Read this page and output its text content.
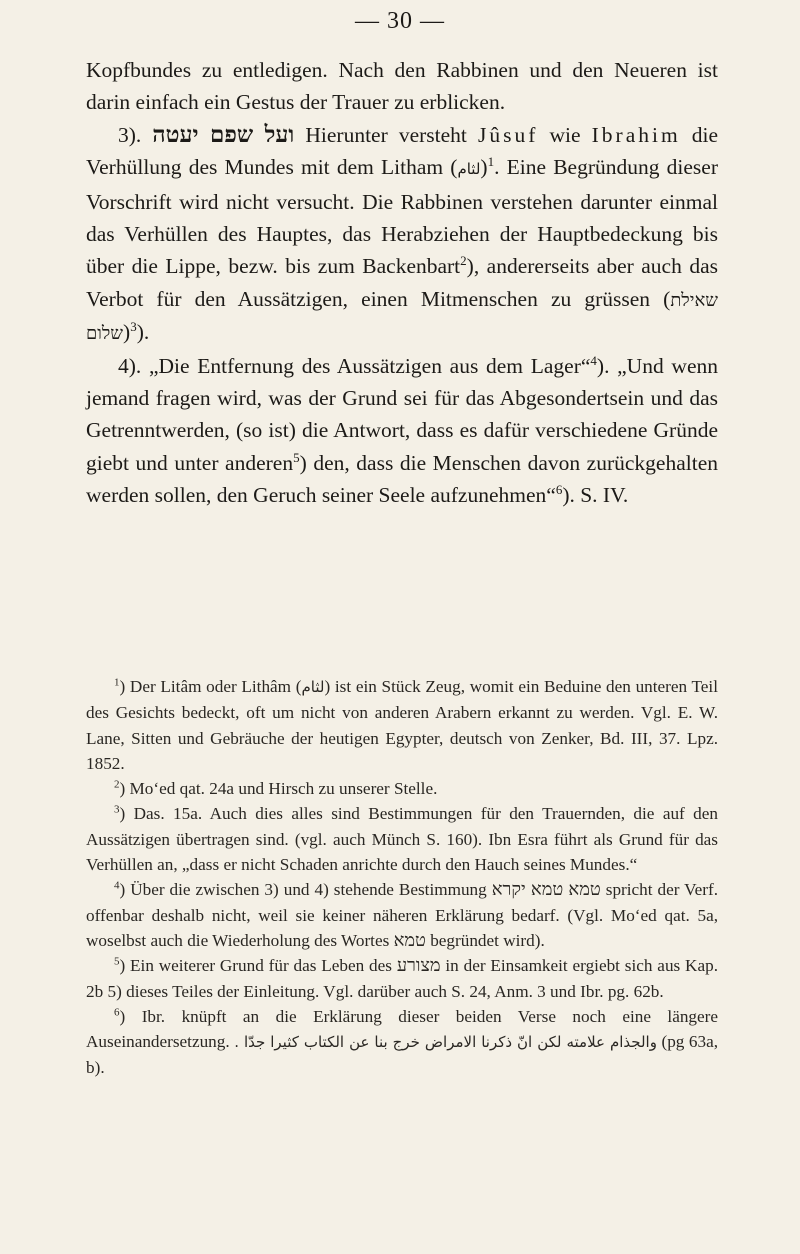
— 30 —

Kopfbundes zu entledigen. Nach den Rabbinen und den Neueren ist darin einfach ein Gestus der Trauer zu erblicken.

3). ועל שפם יעטה Hierunter versteht Jûsuf wie Ibrahim die Verhüllung des Mundes mit dem Litham (لثام)$^1$. Eine Begründung dieser Vorschrift wird nicht versucht. Die Rabbinen verstehen darunter einmal das Verhüllen des Hauptes, das Herabziehen der Hauptbedeckung bis über die Lippe, bezw. bis zum Backenbart$^2$), andererseits aber auch das Verbot für den Aussätzigen, einen Mitmenschen zu grüssen (שאילת שלום)$^3$).

4). „Die Entfernung des Aussätzigen aus dem Lager“$^4$). „Und wenn jemand fragen wird, was der Grund sei für das Abgesondertsein und das Getrenntwerden, (so ist) die Antwort, dass es dafür verschiedene Gründe giebt und unter anderen$^5$) den, dass die Menschen davon zurückgehalten werden sollen, den Geruch seiner Seele aufzunehmen“$^6$). S. IV.

$^1$) Der Litâm oder Lithâm (لثام) ist ein Stück Zeug, womit ein Beduine den unteren Teil des Gesichts bedeckt, oft um nicht von anderen Arabern erkannt zu werden. Vgl. E. W. Lane, Sitten und Gebräuche der heutigen Egypter, deutsch von Zenker, Bd. III, 37. Lpz. 1852.

$^2$) Mo‘ed qat. 24a und Hirsch zu unserer Stelle.

$^3$) Das. 15a. Auch dies alles sind Bestimmungen für den Trauernden, die auf den Aussätzigen übertragen sind. (vgl. auch Münch S. 160). Ibn Esra führt als Grund für das Verhüllen an, „dass er nicht Schaden anrichte durch den Hauch seines Mundes.“

$^4$) Über die zwischen 3) und 4) stehende Bestimmung טמא טמא יקרא spricht der Verf. offenbar deshalb nicht, weil sie keiner näheren Erklärung bedarf. (Vgl. Mo‘ed qat. 5a, woselbst auch die Wiederholung des Wortes טמא begründet wird).

$^5$) Ein weiterer Grund für das Leben des מצורע in der Einsamkeit ergiebt sich aus Kap. 2b 5) dieses Teiles der Einleitung. Vgl. darüber auch S. 24, Anm. 3 und Ibr. pg. 62b.

$^6$) Ibr. knüpft an die Erklärung dieser beiden Verse noch eine längere Auseinandersetzung. والجذام علامته لكن انّ ذكرنا الامراض خرج بنا عن الكتاب كثيرا جدّا . (pg 63a, b).
